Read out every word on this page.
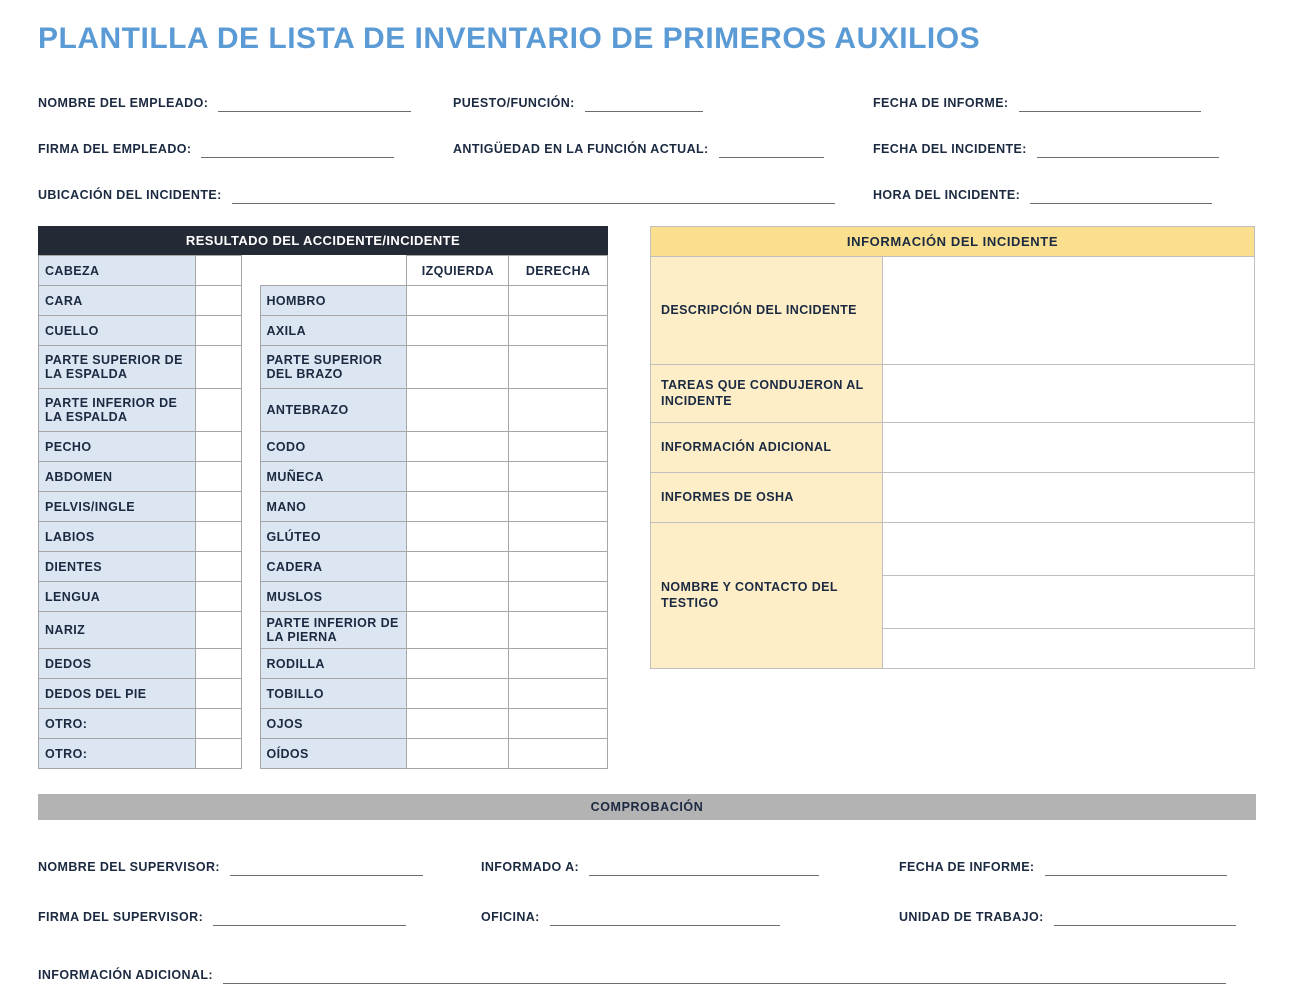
PLANTILLA DE LISTA DE INVENTARIO DE PRIMEROS AUXILIOS
NOMBRE DEL EMPLEADO:	PUESTO/FUNCIÓN:	FECHA DE INFORME:
FIRMA DEL EMPLEADO:	ANTIGÜEDAD EN LA FUNCIÓN ACTUAL:	FECHA DEL INCIDENTE:
UBICACIÓN DEL INCIDENTE:	HORA DEL INCIDENTE:
RESULTADO DEL ACCIDENTE/INCIDENTE
CABEZA				IZQUIERDA	DERECHA
CARA			HOMBRO		
CUELLO			AXILA		
PARTE SUPERIOR DE LA ESPALDA			PARTE SUPERIOR DEL BRAZO		
PARTE INFERIOR DE LA ESPALDA			ANTEBRAZO		
PECHO			CODO		
ABDOMEN			MUÑECA		
PELVIS/INGLE			MANO		
LABIOS			GLÚTEO		
DIENTES			CADERA		
LENGUA			MUSLOS		
NARIZ			PARTE INFERIOR DE LA PIERNA		
DEDOS			RODILLA		
DEDOS DEL PIE			TOBILLO		
OTRO:			OJOS		
OTRO:			OÍDOS		
INFORMACIÓN DEL INCIDENTE
DESCRIPCIÓN DEL INCIDENTE	
TAREAS QUE CONDUJERON AL INCIDENTE	
INFORMACIÓN ADICIONAL	
INFORMES DE OSHA	
NOMBRE Y CONTACTO DEL TESTIGO	

COMPROBACIÓN
NOMBRE DEL SUPERVISOR:	INFORMADO A:	FECHA DE INFORME:
FIRMA DEL SUPERVISOR:	OFICINA:	UNIDAD DE TRABAJO:
INFORMACIÓN ADICIONAL:
